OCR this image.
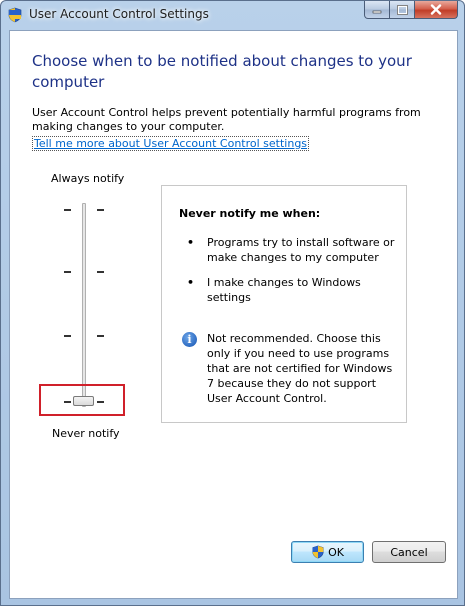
User Account Control Settings
Choose when to be notified about changes to your computer
User Account Control helps prevent potentially harmful programs from making changes to your computer.
Tell me more about User Account Control settings
Always notify
Never notify
Never notify me when:
• Programs try to install software or make changes to my computer
• I make changes to Windows settings
i	Not recommended. Choose this only if you need to use programs that are not certified for Windows 7 because they do not support User Account Control.
OK	Cancel
